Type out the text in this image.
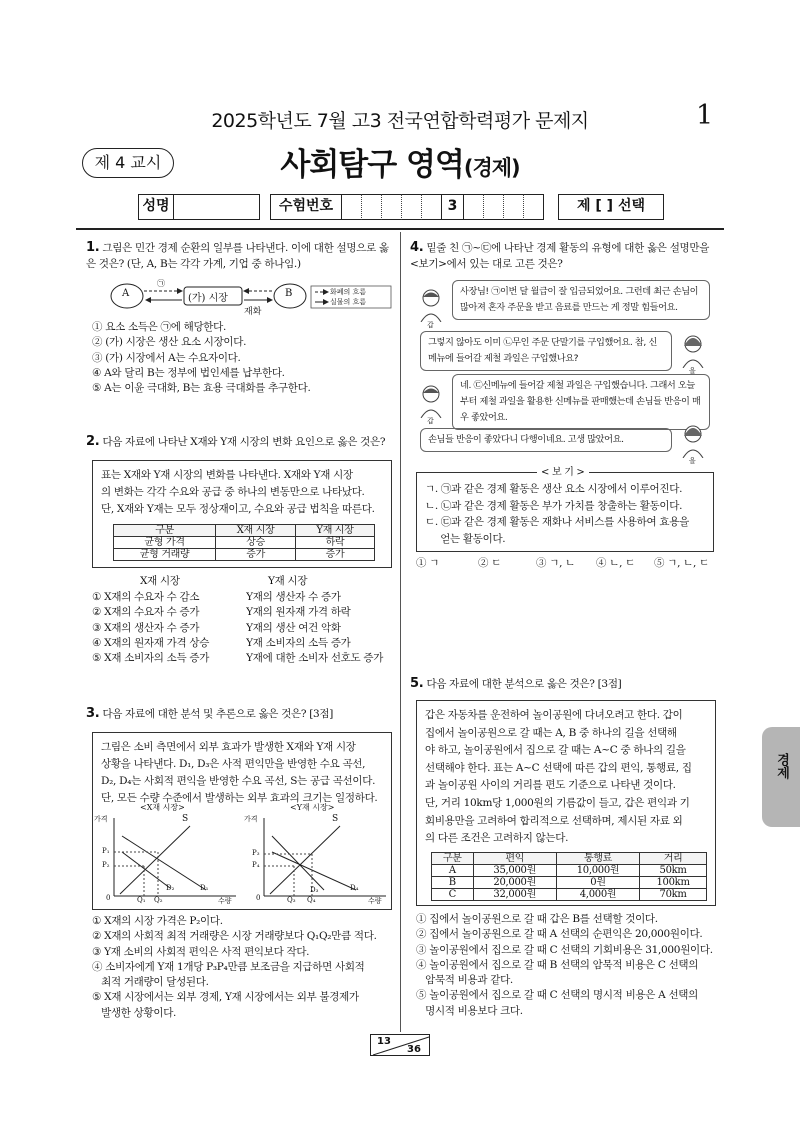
2025학년도 7월 고3 전국연합학력평가 문제지	1
제 4 교시	사회탐구 영역(경제)
성명	수험번호	3	제 [ ] 선택
1. 그림은 민간 경제 순환의 일부를 나타낸다. 이에 대한 설명으로 옳은 것은? (단, A, B는 각각 가계, 기업 중 하나임.)
A	(가) 시장	B
㉠
재화
화폐의 흐름
실물의 흐름
① 요소 소득은 ㉠에 해당한다.
② (가) 시장은 생산 요소 시장이다.
③ (가) 시장에서 A는 수요자이다.
④ A와 달리 B는 정부에 법인세를 납부한다.
⑤ A는 이윤 극대화, B는 효용 극대화를 추구한다.
2. 다음 자료에 나타난 X재와 Y재 시장의 변화 요인으로 옳은 것은?
표는 X재와 Y재 시장의 변화를 나타낸다. X재와 Y재 시장
의 변화는 각각 수요와 공급 중 하나의 변동만으로 나타났다.
단, X재와 Y재는 모두 정상재이고, 수요와 공급 법칙을 따른다.
구분	X재 시장	Y재 시장
균형 가격	상승	하락
균형 거래량	증가	증가
X재 시장	Y재 시장
① X재의 수요자 수 감소	Y재의 생산자 수 증가
② X재의 수요자 수 증가	Y재의 원자재 가격 하락
③ X재의 생산자 수 증가	Y재의 생산 여건 악화
④ X재의 원자재 가격 상승	Y재 소비자의 소득 증가
⑤ X재 소비자의 소득 증가	Y재에 대한 소비자 선호도 증가
3. 다음 자료에 대한 분석 및 추론으로 옳은 것은? [3점]
그림은 소비 측면에서 외부 효과가 발생한 X재와 Y재 시장
상황을 나타낸다. D₁, D₃은 사적 편익만을 반영한 수요 곡선,
D₂, D₄는 사회적 편익을 반영한 수요 곡선, S는 공급 곡선이다.
단, 모든 수량 수준에서 발생하는 외부 효과의 크기는 일정하다.
<X재 시장>
가격
수량
0
S
P₁
P₂
Q₁ Q₂
D₁
D₂
<Y재 시장>
가격
수량
0
S
P₃
P₄
Q₃ Q₄
D₃	D₄
① X재의 시장 가격은 P₂이다.
② X재의 사회적 최적 거래량은 시장 거래량보다 Q₁Q₂만큼 적다.
③ Y재 소비의 사회적 편익은 사적 편익보다 작다.
④ 소비자에게 Y재 1개당 P₃P₄만큼 보조금을 지급하면 사회적
최적 거래량이 달성된다.
⑤ X재 시장에서는 외부 경제, Y재 시장에서는 외부 불경제가
발생한 상황이다.
4. 밑줄 친 ㉠~㉢에 나타난 경제 활동의 유형에 대한 옳은 설명만을 <보기>에서 있는 대로 고른 것은?
갑
사장님! ㉠이번 달 월급이 잘 입금되었어요. 그런데 최근 손님이 많아져 혼자 주문을 받고 음료를 만드는 게 정말 힘들어요.
그렇지 않아도 이미 ㉡무인 주문 단말기를 구입했어요. 참, 신메뉴에 들어갈 제철 과일은 구입했나요?
을
갑
네. ㉢신메뉴에 들어갈 제철 과일은 구입했습니다. 그래서 오늘부터 제철 과일을 활용한 신메뉴를 판매했는데 손님들 반응이 매우 좋았어요.
손님들 반응이 좋았다니 다행이네요. 고생 많았어요.
을
< 보 기 >
ㄱ. ㉠과 같은 경제 활동은 생산 요소 시장에서 이루어진다.
ㄴ. ㉡과 같은 경제 활동은 부가 가치를 창출하는 활동이다.
ㄷ. ㉢과 같은 경제 활동은 재화나 서비스를 사용하여 효용을
얻는 활동이다.
① ㄱ	② ㄷ	③ ㄱ, ㄴ	④ ㄴ, ㄷ	⑤ ㄱ, ㄴ, ㄷ
5. 다음 자료에 대한 분석으로 옳은 것은? [3점]
갑은 자동차를 운전하여 놀이공원에 다녀오려고 한다. 갑이
집에서 놀이공원으로 갈 때는 A, B 중 하나의 길을 선택해
야 하고, 놀이공원에서 집으로 갈 때는 A~C 중 하나의 길을
선택해야 한다. 표는 A~C 선택에 따른 갑의 편익, 통행료, 집
과 놀이공원 사이의 거리를 편도 기준으로 나타낸 것이다.
단, 거리 10km당 1,000원의 기름값이 들고, 갑은 편익과 기
회비용만을 고려하여 합리적으로 선택하며, 제시된 자료 외
의 다른 조건은 고려하지 않는다.
구분	편익	통행료	거리
A	35,000원	10,000원	50km
B	20,000원	0원	100km
C	32,000원	4,000원	70km
① 집에서 놀이공원으로 갈 때 갑은 B를 선택할 것이다.
② 집에서 놀이공원으로 갈 때 A 선택의 순편익은 20,000원이다.
③ 놀이공원에서 집으로 갈 때 C 선택의 기회비용은 31,000원이다.
④ 놀이공원에서 집으로 갈 때 B 선택의 암묵적 비용은 C 선택의
암묵적 비용과 같다.
⑤ 놀이공원에서 집으로 갈 때 C 선택의 명시적 비용은 A 선택의
명시적 비용보다 크다.
경제
13
36
